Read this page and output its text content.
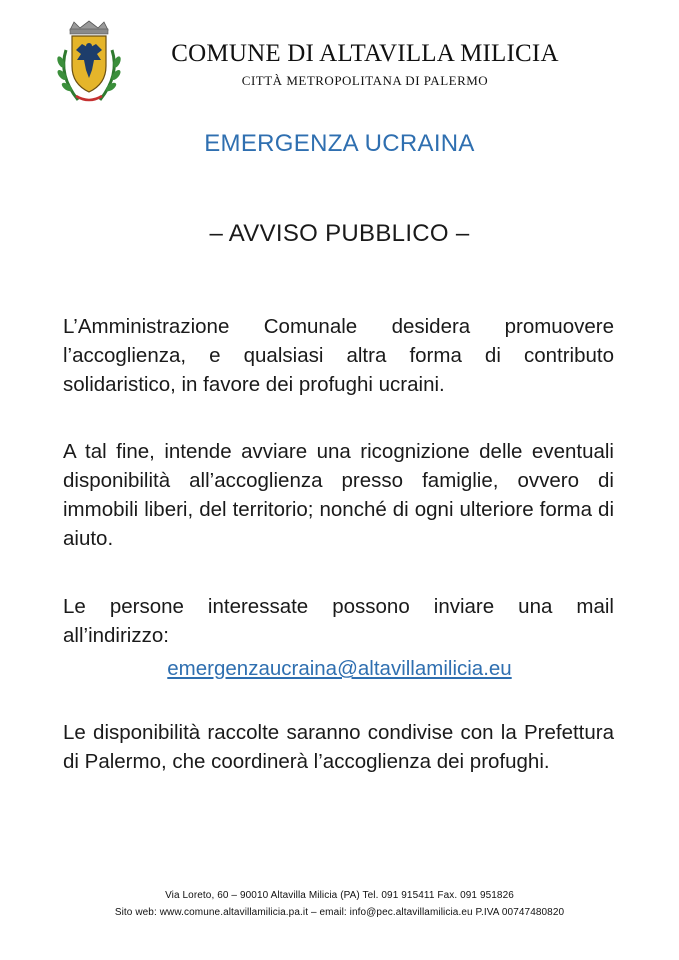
COMUNE DI ALTAVILLA MILICIA
CITTÀ METROPOLITANA DI PALERMO
EMERGENZA UCRAINA
– AVVISO PUBBLICO –

L’Amministrazione Comunale desidera promuovere l’accoglienza, e qualsiasi altra forma di contributo solidaristico, in favore dei profughi ucraini.

A tal fine, intende avviare una ricognizione delle eventuali disponibilità all’accoglienza presso famiglie, ovvero di immobili liberi, del territorio; nonché di ogni ulteriore forma di aiuto.

Le persone interessate possono inviare una mail all’indirizzo:

emergenzaucraina@altavillamilicia.eu

Le disponibilità raccolte saranno condivise con la Prefettura di Palermo, che coordinerà l’accoglienza dei profughi.

Via Loreto, 60 – 90010 Altavilla Milicia (PA) Tel. 091 915411 Fax. 091 951826
Sito web: www.comune.altavillamilicia.pa.it – email: info@pec.altavillamilicia.eu P.IVA 00747480820
